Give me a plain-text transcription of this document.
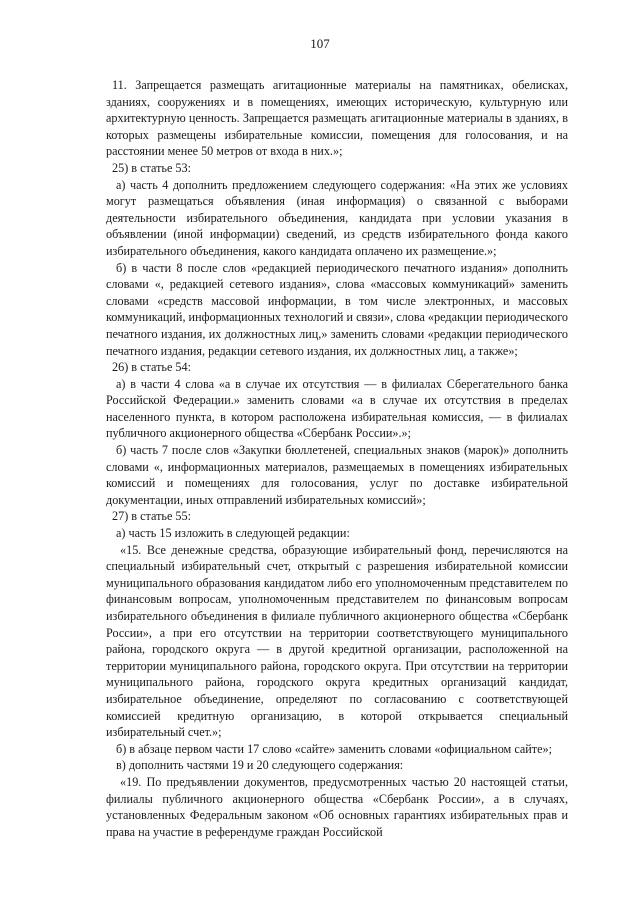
107

11. Запрещается размещать агитационные материалы на памятниках, обелисках, зданиях, сооружениях и в помещениях, имеющих историческую, культурную или архитектурную ценность. Запрещается размещать агитационные материалы в зданиях, в которых размещены избирательные комиссии, помещения для голосования, и на расстоянии менее 50 метров от входа в них.»;

25) в статье 53:

а) часть 4 дополнить предложением следующего содержания: «На этих же условиях могут размещаться объявления (иная информация) о связанной с выборами деятельности избирательного объединения, кандидата при условии указания в объявлении (иной информации) сведений, из средств избирательного фонда какого избирательного объединения, какого кандидата оплачено их размещение.»;

б) в части 8 после слов «редакцией периодического печатного издания» дополнить словами «, редакцией сетевого издания», слова «массовых коммуникаций» заменить словами «средств массовой информации, в том числе электронных, и массовых коммуникаций, информационных технологий и связи», слова «редакции периодического печатного издания, их должностных лиц,» заменить словами «редакции периодического печатного издания, редакции сетевого издания, их должностных лиц, а также»;

26) в статье 54:

а) в части 4 слова «а в случае их отсутствия — в филиалах Сберегательного банка Российской Федерации.» заменить словами «а в случае их отсутствия в пределах населенного пункта, в котором расположена избирательная комиссия, — в филиалах публичного акционерного общества «Сбербанк России».»;

б) часть 7 после слов «Закупки бюллетеней, специальных знаков (марок)» дополнить словами «, информационных материалов, размещаемых в помещениях избирательных комиссий и помещениях для голосования, услуг по доставке избирательной документации, иных отправлений избирательных комиссий»;

27) в статье 55:

а) часть 15 изложить в следующей редакции:

«15. Все денежные средства, образующие избирательный фонд, перечисляются на специальный избирательный счет, открытый с разрешения избирательной комиссии муниципального образования кандидатом либо его уполномоченным представителем по финансовым вопросам, уполномоченным представителем по финансовым вопросам избирательного объединения в филиале публичного акционерного общества «Сбербанк России», а при его отсутствии на территории соответствующего муниципального района, городского округа — в другой кредитной организации, расположенной на территории муниципального района, городского округа. При отсутствии на территории муниципального района, городского округа кредитных организаций кандидат, избирательное объединение, определяют по согласованию с соответствующей комиссией кредитную организацию, в которой открывается специальный избирательный счет.»;

б) в абзаце первом части 17 слово «сайте» заменить словами «официальном сайте»;

в) дополнить частями 19 и 20 следующего содержания:

«19. По предъявлении документов, предусмотренных частью 20 настоящей статьи, филиалы публичного акционерного общества «Сбербанк России», а в случаях, установленных Федеральным законом «Об основных гарантиях избирательных прав и права на участие в референдуме граждан Российской
